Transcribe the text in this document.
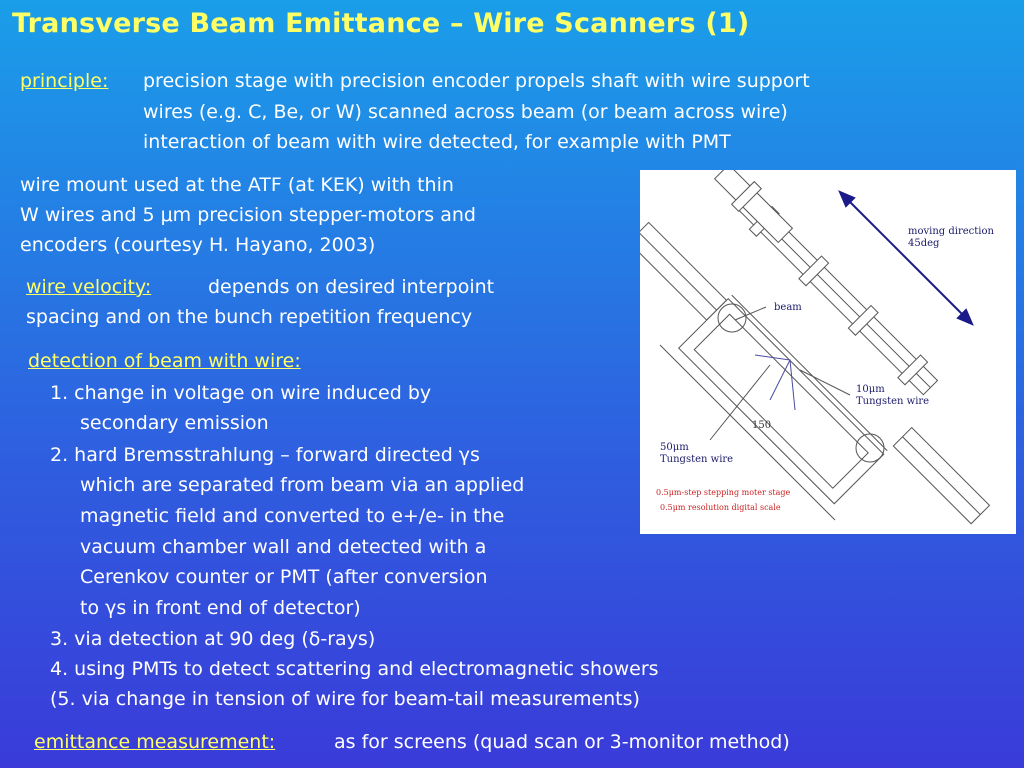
Transverse Beam Emittance – Wire Scanners (1)
principle: precision stage with precision encoder propels shaft with wire support
wires (e.g. C, Be, or W) scanned across beam (or beam across wire)
interaction of beam with wire detected, for example with PMT
wire mount used at the ATF (at KEK) with thin
W wires and 5 μm precision stepper-motors and
encoders (courtesy H. Hayano, 2003)
wire velocity:	depends on desired interpoint
spacing and on the bunch repetition frequency
detection of beam with wire:
1. change in voltage on wire induced by
secondary emission
2. hard Bremsstrahlung – forward directed γs
which are separated from beam via an applied
magnetic field and converted to e+/e- in the
vacuum chamber wall and detected with a
Cerenkov counter or PMT (after conversion
to γs in front end of detector)
3. via detection at 90 deg (δ-rays)
4. using PMTs to detect scattering and electromagnetic showers
(5. via change in tension of wire for beam-tail measurements)
emittance measurement:	as for screens (quad scan or 3-monitor method)
moving direction
45deg
beam
10μm
Tungsten wire
50μm
Tungsten wire
150
0.5μm-step stepping moter stage
0.5μm resolution digital scale
